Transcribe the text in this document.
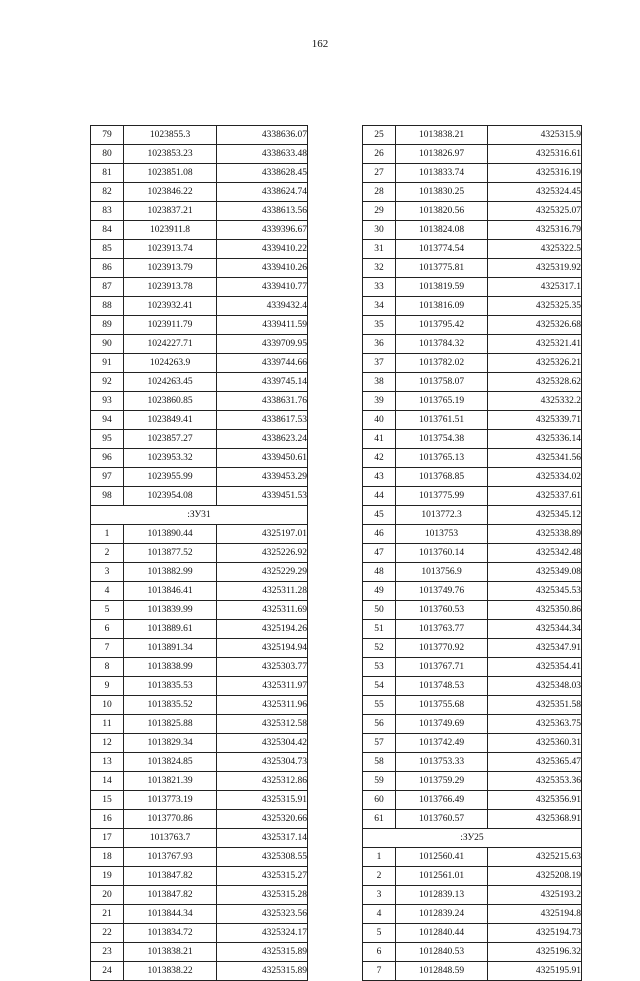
162
79	1023855.3	4338636.07
80	1023853.23	4338633.48
81	1023851.08	4338628.45
82	1023846.22	4338624.74
83	1023837.21	4338613.56
84	1023911.8	4339396.67
85	1023913.74	4339410.22
86	1023913.79	4339410.26
87	1023913.78	4339410.77
88	1023932.41	4339432.4
89	1023911.79	4339411.59
90	1024227.71	4339709.95
91	1024263.9	4339744.66
92	1024263.45	4339745.14
93	1023860.85	4338631.76
94	1023849.41	4338617.53
95	1023857.27	4338623.24
96	1023953.32	4339450.61
97	1023955.99	4339453.29
98	1023954.08	4339451.53
:ЗУ31		
1	1013890.44	4325197.01
2	1013877.52	4325226.92
3	1013882.99	4325229.29
4	1013846.41	4325311.28
5	1013839.99	4325311.69
6	1013889.61	4325194.26
7	1013891.34	4325194.94
8	1013838.99	4325303.77
9	1013835.53	4325311.97
10	1013835.52	4325311.96
11	1013825.88	4325312.58
12	1013829.34	4325304.42
13	1013824.85	4325304.73
14	1013821.39	4325312.86
15	1013773.19	4325315.91
16	1013770.86	4325320.66
17	1013763.7	4325317.14
18	1013767.93	4325308.55
19	1013847.82	4325315.27
20	1013847.82	4325315.28
21	1013844.34	4325323.56
22	1013834.72	4325324.17
23	1013838.21	4325315.89
24	1013838.22	4325315.89
25	1013838.21	4325315.9
26	1013826.97	4325316.61
27	1013833.74	4325316.19
28	1013830.25	4325324.45
29	1013820.56	4325325.07
30	1013824.08	4325316.79
31	1013774.54	4325322.5
32	1013775.81	4325319.92
33	1013819.59	4325317.1
34	1013816.09	4325325.35
35	1013795.42	4325326.68
36	1013784.32	4325321.41
37	1013782.02	4325326.21
38	1013758.07	4325328.62
39	1013765.19	4325332.2
40	1013761.51	4325339.71
41	1013754.38	4325336.14
42	1013765.13	4325341.56
43	1013768.85	4325334.02
44	1013775.99	4325337.61
45	1013772.3	4325345.12
46	1013753	4325338.89
47	1013760.14	4325342.48
48	1013756.9	4325349.08
49	1013749.76	4325345.53
50	1013760.53	4325350.86
51	1013763.77	4325344.34
52	1013770.92	4325347.91
53	1013767.71	4325354.41
54	1013748.53	4325348.03
55	1013755.68	4325351.58
56	1013749.69	4325363.75
57	1013742.49	4325360.31
58	1013753.33	4325365.47
59	1013759.29	4325353.36
60	1013766.49	4325356.91
61	1013760.57	4325368.91
:ЗУ25		
1	1012560.41	4325215.63
2	1012561.01	4325208.19
3	1012839.13	4325193.2
4	1012839.24	4325194.8
5	1012840.44	4325194.73
6	1012840.53	4325196.32
7	1012848.59	4325195.91
